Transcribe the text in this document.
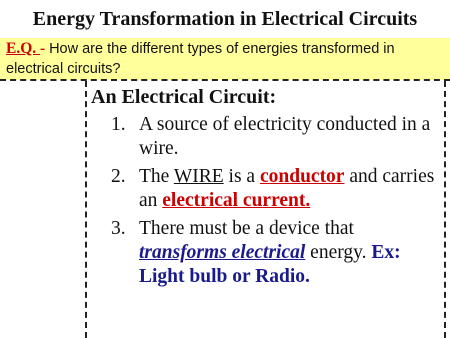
Energy Transformation in Electrical Circuits
E.Q. - How are the different types of energies transformed in electrical circuits?
An Electrical Circuit:
1. A source of electricity conducted in a wire.
2. The WIRE is a conductor and carries an electrical current.
3. There must be a device that transforms electrical energy. Ex: Light bulb or Radio.
